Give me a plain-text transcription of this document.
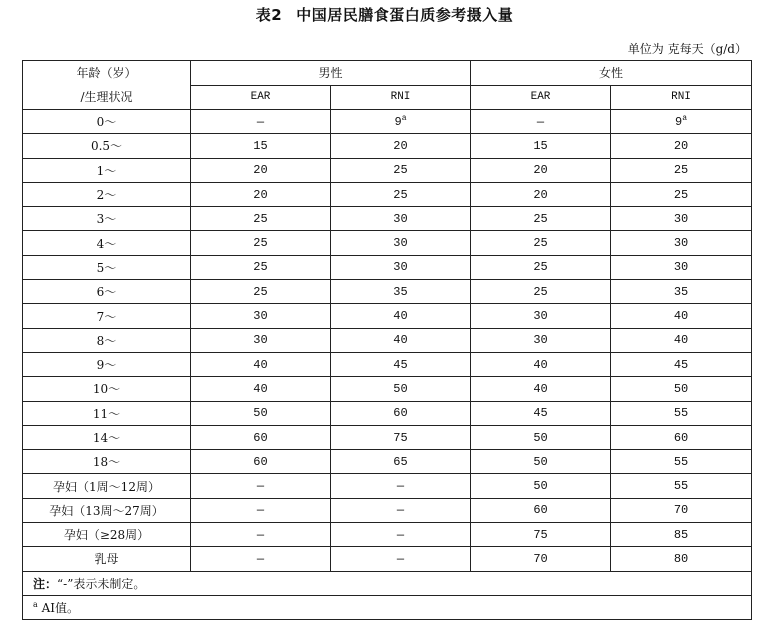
表2 中国居民膳食蛋白质参考摄入量
单位为 克每天（g/d）
年龄（岁）
/生理状况	男性		女性	
	EAR	RNI	EAR	RNI
0～	—	9$^a$	—	9$^a$
0.5～	15	20	15	20
1～	20	25	20	25
2～	20	25	20	25
3～	25	30	25	30
4～	25	30	25	30
5～	25	30	25	30
6～	25	35	25	35
7～	30	40	30	40
8～	30	40	30	40
9～	40	45	40	45
10～	40	50	40	50
11～	50	60	45	55
14～	60	75	50	60
18～	60	65	50	55
孕妇（1周～12周）	—	—	50	55
孕妇（13周～27周）	—	—	60	70
孕妇（≥28周）	—	—	75	85
乳母	—	—	70	80
注：“-”表示未制定。				
$^a$ AI值。				
